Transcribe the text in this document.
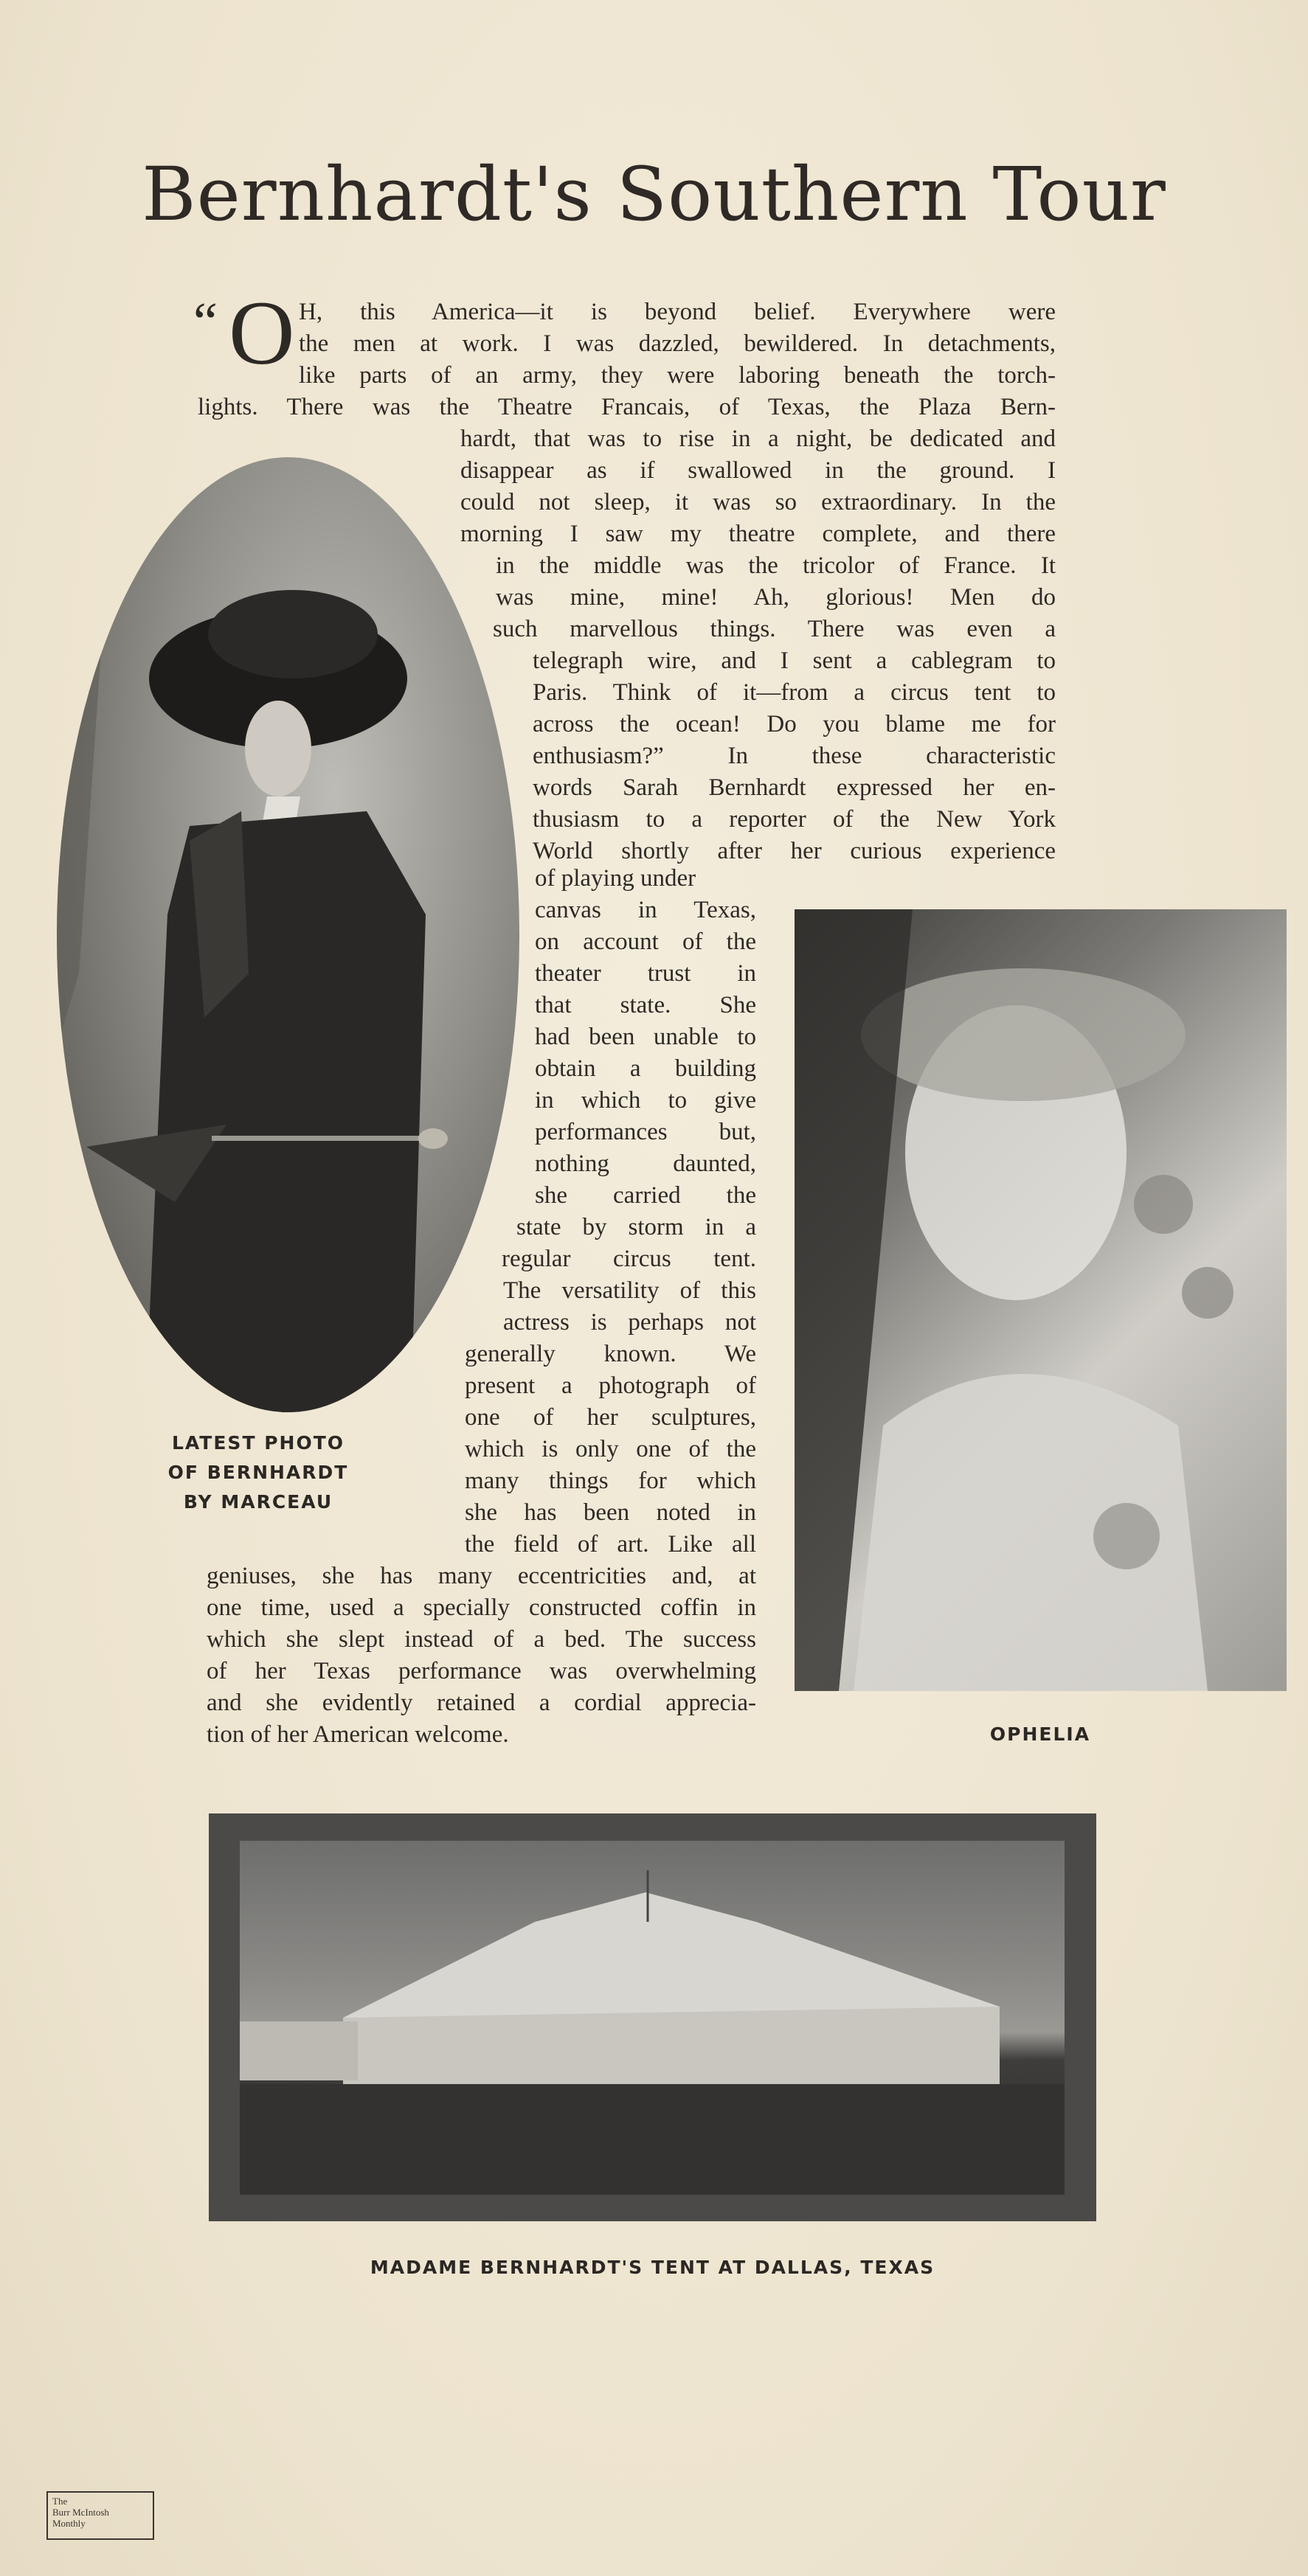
Bernhardt's Southern Tour
“ O H, this America—it is beyond belief. Everywhere were
the men at work. I was dazzled, bewildered. In detachments,
like parts of an army, they were laboring beneath the torch-
lights. There was the Theatre Francais, of Texas, the Plaza Bern-
hardt, that was to rise in a night, be dedicated and
disappear as if swallowed in the ground. I
could not sleep, it was so extraordinary. In the
morning I saw my theatre complete, and there
in the middle was the tricolor of France. It
was mine, mine! Ah, glorious! Men do
such marvellous things. There was even a
telegraph wire, and I sent a cablegram to
Paris. Think of it—from a circus tent to
across the ocean! Do you blame me for
enthusiasm?” In these characteristic
words Sarah Bernhardt expressed her en-
thusiasm to a reporter of the New York
World shortly after her curious experience
of playing under
canvas in Texas,
on account of the
theater trust in
that state. She
had been unable to
obtain a building
in which to give
performances but,
nothing daunted,
she carried the
state by storm in a
regular circus tent.
The versatility of this
actress is perhaps not
generally known. We
present a photograph of
one of her sculptures,
which is only one of the
many things for which
she has been noted in
the field of art. Like all
geniuses, she has many eccentricities and, at
one time, used a specially constructed coffin in
which she slept instead of a bed. The success
of her Texas performance was overwhelming
and she evidently retained a cordial apprecia-
tion of her American welcome.
LATEST PHOTO
OF BERNHARDT
BY MARCEAU
OPHELIA
MADAME BERNHARDT'S TENT AT DALLAS, TEXAS
The
Burr McIntosh
Monthly
